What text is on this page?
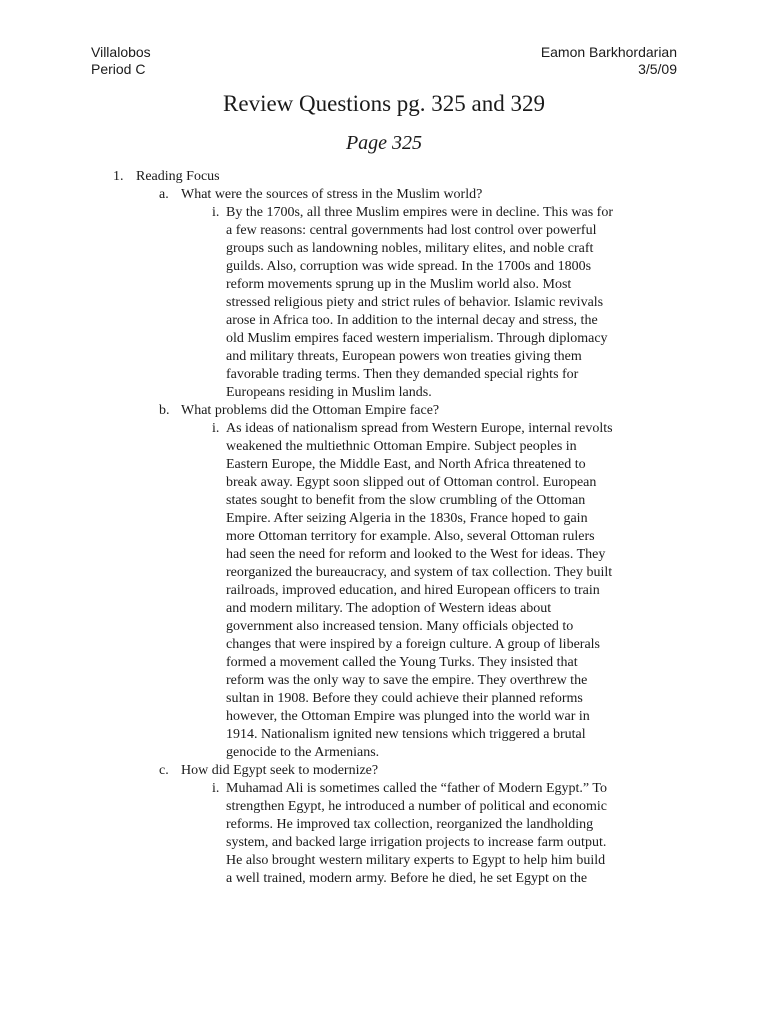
Villalobos
Period C
Eamon Barkhordarian
3/5/09
Review Questions pg. 325 and 329
Page 325
1. Reading Focus
a. What were the sources of stress in the Muslim world?
i. By the 1700s, all three Muslim empires were in decline. This was for
a few reasons: central governments had lost control over powerful
groups such as landowning nobles, military elites, and noble craft
guilds. Also, corruption was wide spread. In the 1700s and 1800s
reform movements sprung up in the Muslim world also. Most
stressed religious piety and strict rules of behavior. Islamic revivals
arose in Africa too. In addition to the internal decay and stress, the
old Muslim empires faced western imperialism. Through diplomacy
and military threats, European powers won treaties giving them
favorable trading terms. Then they demanded special rights for
Europeans residing in Muslim lands.
b. What problems did the Ottoman Empire face?
i. As ideas of nationalism spread from Western Europe, internal revolts
weakened the multiethnic Ottoman Empire. Subject peoples in
Eastern Europe, the Middle East, and North Africa threatened to
break away. Egypt soon slipped out of Ottoman control. European
states sought to benefit from the slow crumbling of the Ottoman
Empire. After seizing Algeria in the 1830s, France hoped to gain
more Ottoman territory for example. Also, several Ottoman rulers
had seen the need for reform and looked to the West for ideas. They
reorganized the bureaucracy, and system of tax collection. They built
railroads, improved education, and hired European officers to train
and modern military. The adoption of Western ideas about
government also increased tension. Many officials objected to
changes that were inspired by a foreign culture. A group of liberals
formed a movement called the Young Turks. They insisted that
reform was the only way to save the empire. They overthrew the
sultan in 1908. Before they could achieve their planned reforms
however, the Ottoman Empire was plunged into the world war in
1914. Nationalism ignited new tensions which triggered a brutal
genocide to the Armenians.
c. How did Egypt seek to modernize?
i. Muhamad Ali is sometimes called the “father of Modern Egypt.” To
strengthen Egypt, he introduced a number of political and economic
reforms. He improved tax collection, reorganized the landholding
system, and backed large irrigation projects to increase farm output.
He also brought western military experts to Egypt to help him build
a well trained, modern army. Before he died, he set Egypt on the
